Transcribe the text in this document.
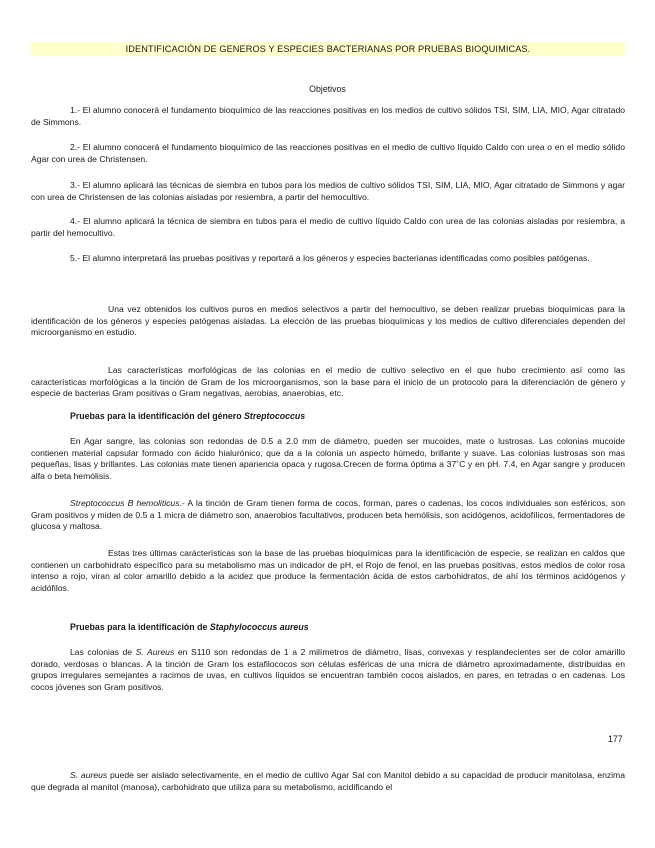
IDENTIFICACIÓN DE GENEROS Y ESPECIES BACTERIANAS POR PRUEBAS BIOQUIMICAS.
Objetivos
1.- El alumno conocerá el fundamento bioquímico de las reacciones positivas en los medios de cultivo sólidos TSI, SIM, LIA, MIO, Agar citratado de Simmons.
2.- El alumno conocerá el fundamento bioquímico de las reacciones positivas en el medio de cultivo líquido Caldo con urea o en el medio sólido Agar con urea de Christensen.
3.- El alumno aplicará las técnicas de siembra en tubos para los medios de cultivo sólidos TSI, SIM, LIA, MIO, Agar citratado de Simmons y agar con urea de Christensen de las colonias aisladas por resiembra, a partir del hemocultivo.
4.- El alumno aplicará la técnica de siembra en tubos para el medio de cultivo líquido Caldo con urea de las colonias aisladas por resiembra, a partir del hemocultivo.
5.- El alumno interpretará las pruebas positivas y reportará a los géneros y especies bacterianas identificadas como posibles patógenas.
Una vez obtenidos los cultivos puros en medios selectivos a partir del hemocultivo, se deben realizar pruebas bioquímicas para la identificación de los géneros y especies patógenas aisladas. La elección de las pruebas bioquímicas y los medios de cultivo diferenciales dependen del microorganismo en estudio.
Las características morfológicas de las colonias en el medio de cultivo selectivo en el que hubo crecimiento así como las características morfológicas a la tinción de Gram de los microorganismos, son la base para el inicio de un protocolo para la diferenciación de género y especie de bacterias Gram positivas o Gram negativas, aerobias, anaerobias, etc.
Pruebas para la identificación del género Streptococcus
En Agar sangre, las colonias son redondas de 0.5 a 2.0 mm de diámetro, pueden ser mucoides, mate o lustrosas. Las colonias mucoide contienen material capsular formado con ácido hialurónico, que da a la colonia un aspecto húmedo, brillante y suave. Las colonias lustrosas son mas pequeñas, lisas y brillantes. Las colonias mate tienen apariencia opaca y rugosa.Crecen de forma óptima a 37˚C y en pH. 7.4, en Agar sangre y producen alfa o beta hemólisis.
Streptococcus B hemoliticus.- A la tinción de Gram tienen forma de cocos, forman, pares o cadenas, los cocos individuales son esféricos, son Gram positivos y miden de 0.5 a 1 micra de diámetro son, anaerobios facultativos, producen beta hemólisis, son acidógenos, acidofílicos, fermentadores de glucosa y maltosa.
Estas tres últimas carácterísticas son la base de las pruebas bioquímicas para la identificación de especie, se realizan en caldos que contienen un carbohidrato específico para su metabolismo mas un indicador de pH, el Rojo de fenol, en las pruebas positivas, estos medios de color rosa intenso a rojo, viran al color amarillo debido a la acidez que produce la fermentación ácida de estos carbohidratos, de ahí los términos acidógenos y acidófilos.
Pruebas para la identificación de Staphylococcus aureus
Las colonias de S. Aureus en S110 son redondas de 1 a 2 milímetros de diámetro, lisas, convexas y resplandecientes ser de color amarillo dorado, verdosas o blancas. A la tinción de Gram los estafilococos son células esféricas de una micra de diámetro aproximadamente, distribuidas en grupos irregulares semejantes a racimos de uvas, en cultivos líquidos se encuentran también cocos aislados, en pares, en tetradas o en cadenas. Los cocos jóvenes son Gram positivos.
177
S. aureus puede ser aislado selectivamente, en el medio de cultivo Agar Sal con Manitol debido a su capacidad de producir manitolasa, enzima que degrada al manitol (manosa), carbohidrato que utiliza para su metabolismo, acidificando el
